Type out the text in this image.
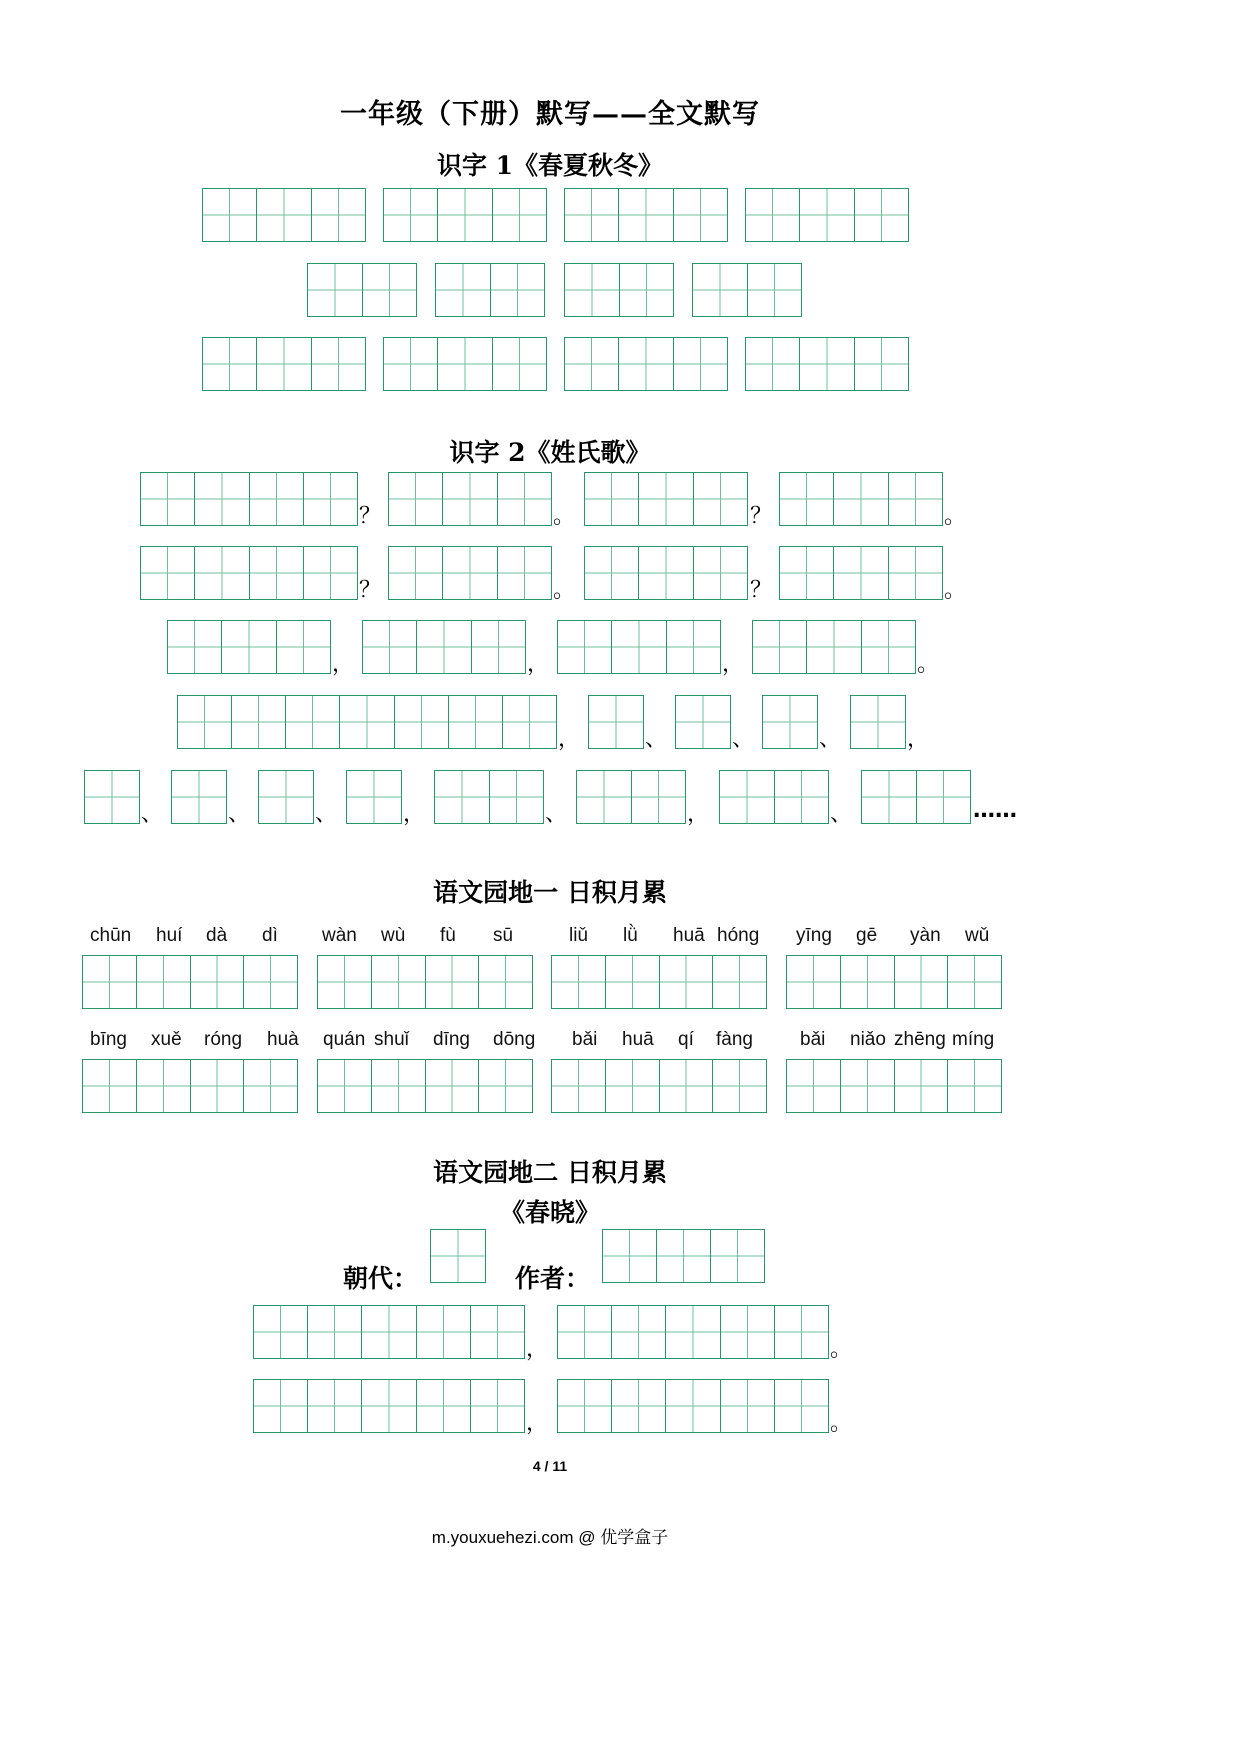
一年级（下册）默写——全文默写
识字 1《春夏秋冬》
识字 2《姓氏歌》
？	。	？	。
？	。	？	。
，	，	，	。
，	、	、	、	，
、	、	、	，	、	，	、	……
语文园地一 日积月累
chūn huí dà dì wàn wù fù sū	liǔ lǜ huā hóng yīng gē yàn wǔ
bīng xuě róng huà quán shuǐ dīng dōng bǎi huā qí fàng bǎi niǎo zhēng míng
语文园地二 日积月累
《春晓》
朝代：	作者：
，	。
，	。
4 / 11
m.youxuehezi.com @ 优学盒子
